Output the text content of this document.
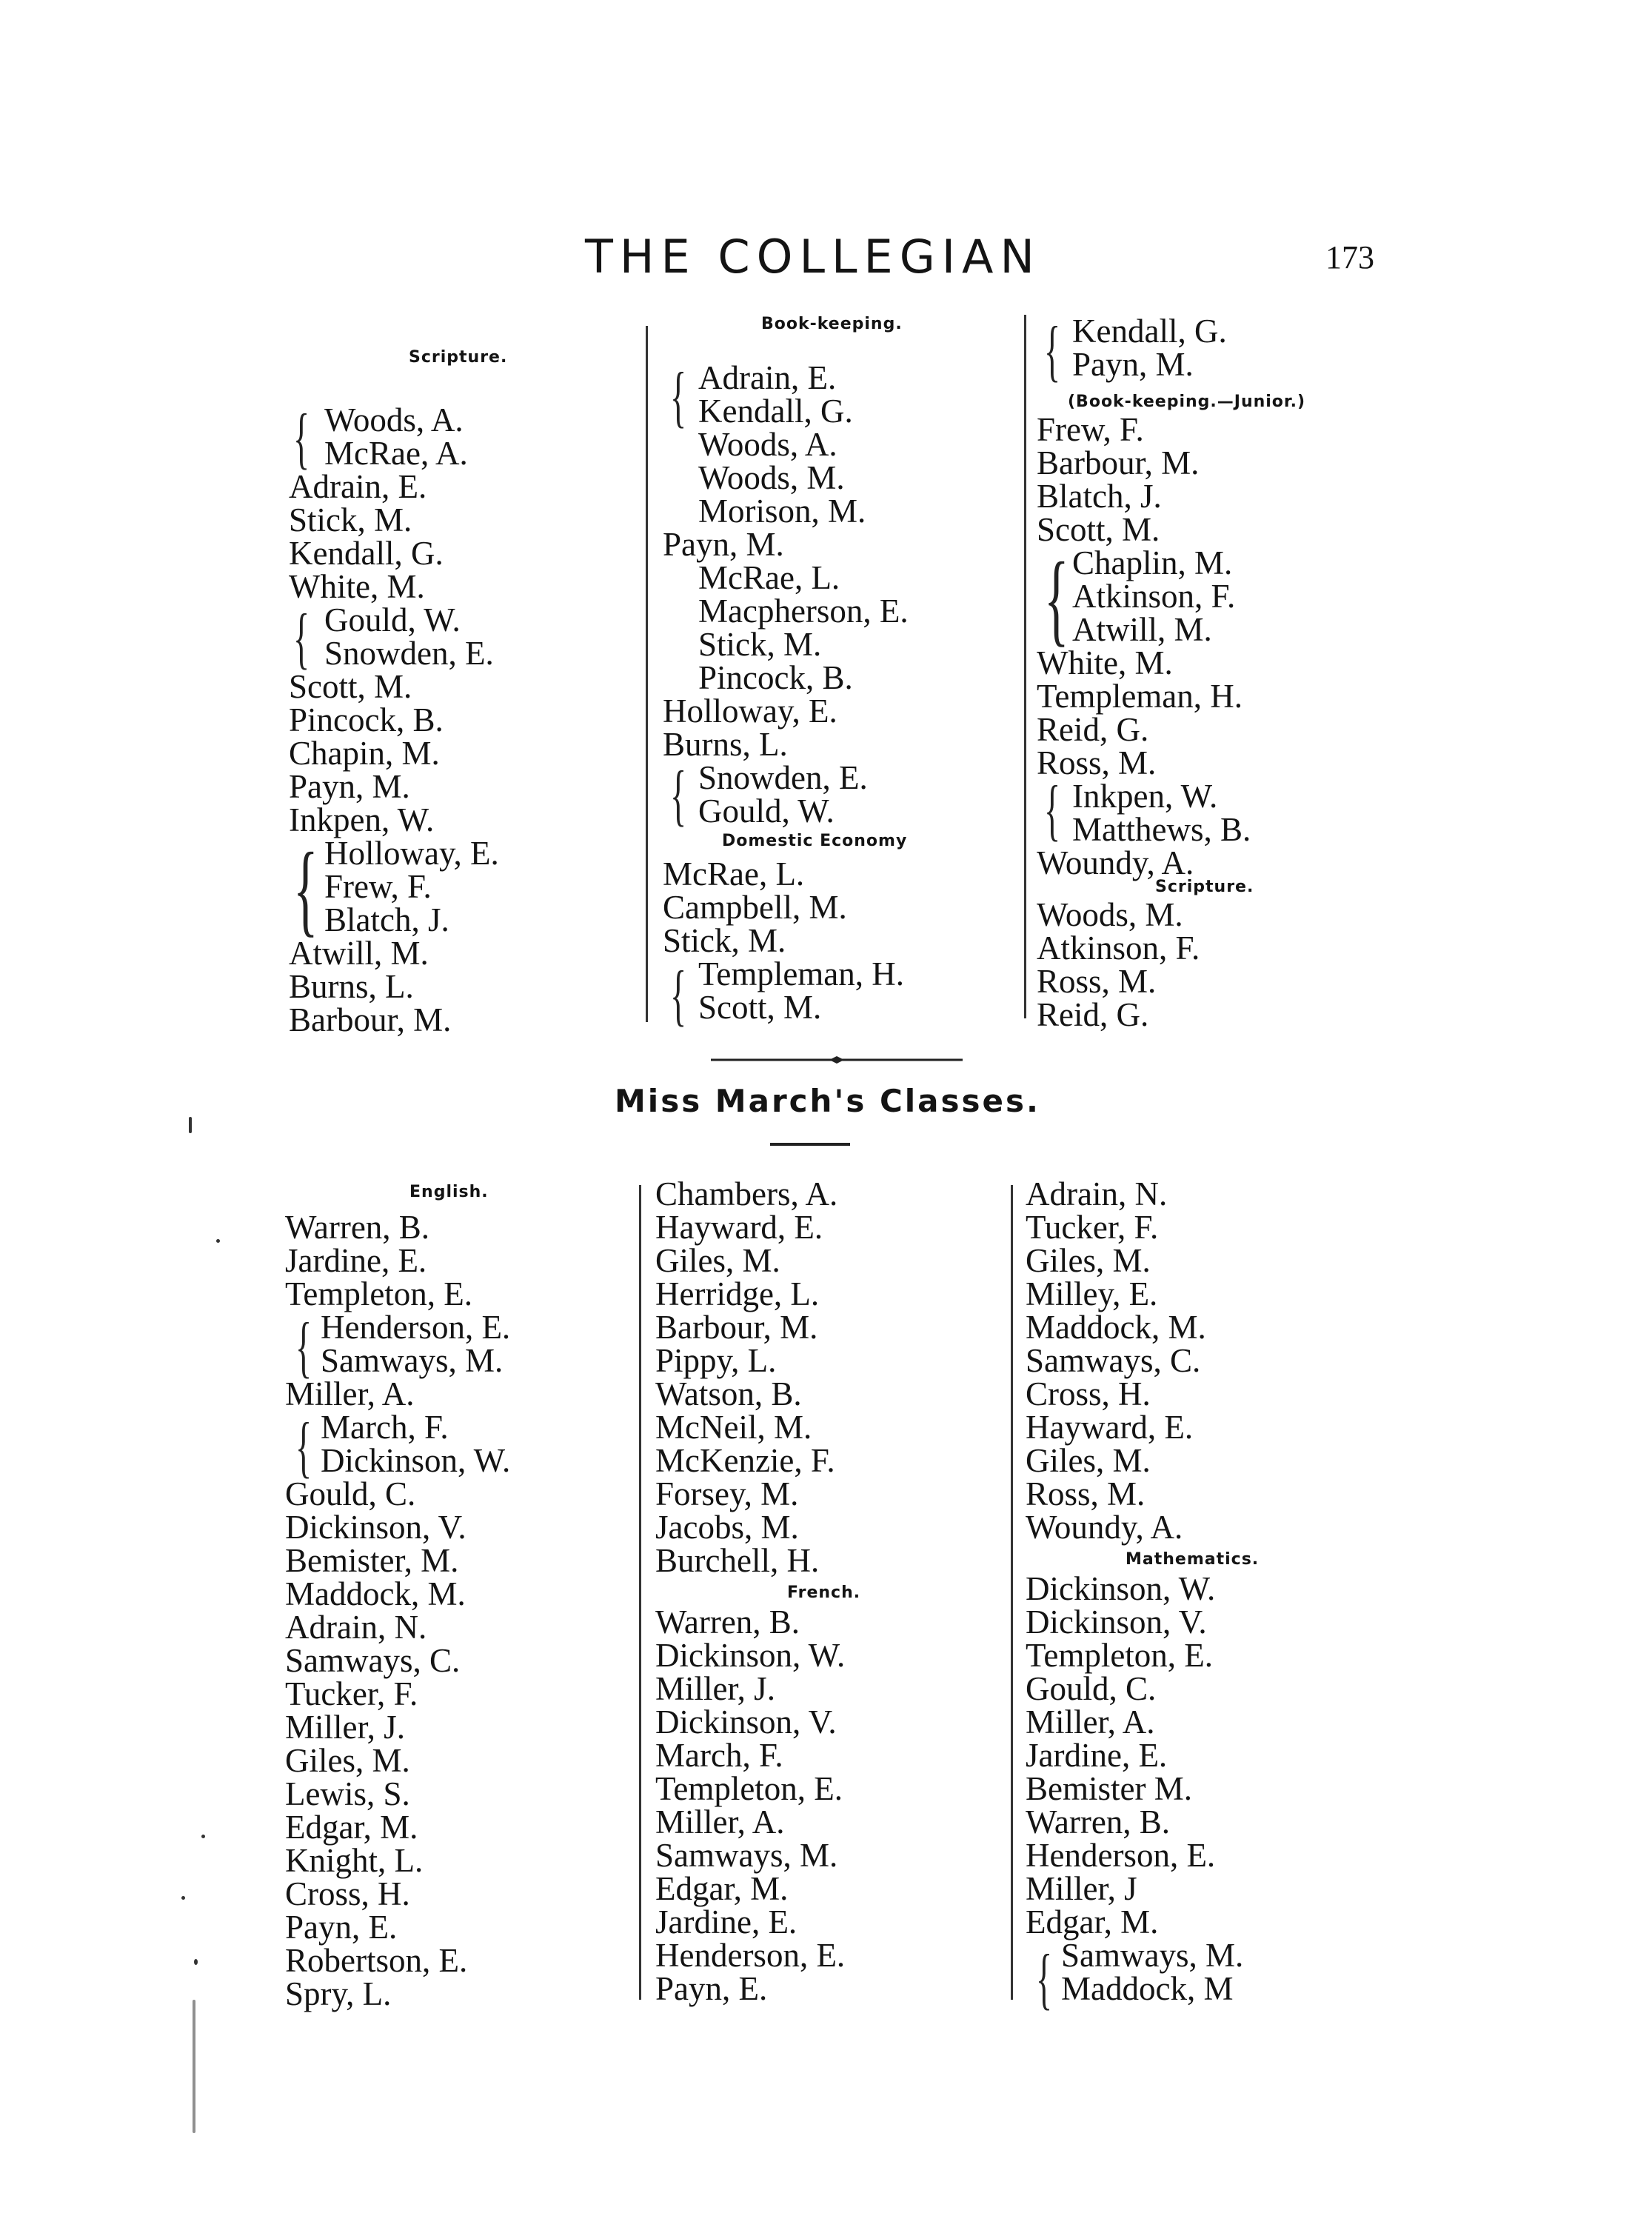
THE COLLEGIAN	173
Scripture.
Woods, A.
McRae, A.
Adrain, E.
Stick, M.
Kendall, G.
White, M.
Gould, W.
Snowden, E.
Scott, M.
Pincock, B.
Chapin, M.
Payn, M.
Inkpen, W.
Holloway, E.
Frew, F.
Blatch, J.
Atwill, M.
Burns, L.
Barbour, M.
{
{
{
Book-keeping.
Adrain, E.
Kendall, G.
Woods, A.
Woods, M.
Morison, M.
Payn, M.
McRae, L.
Macpherson, E.
Stick, M.
Pincock, B.
Holloway, E.
Burns, L.
Snowden, E.
Gould, W.
Domestic Economy
McRae, L.
Campbell, M.
Stick, M.
Templeman, H.
Scott, M.
{
{
{
Kendall, G.
Payn, M.
(Book-keeping.—Junior.)
Frew, F.
Barbour, M.
Blatch, J.
Scott, M.
Chaplin, M.
Atkinson, F.
Atwill, M.
White, M.
Templeman, H.
Reid, G.
Ross, M.
Inkpen, W.
Matthews, B.
Woundy, A.
Scripture.
Woods, M.
Atkinson, F.
Ross, M.
Reid, G.
{
{
{
Miss March's Classes.
English.
Warren, B.
Jardine, E.
Templeton, E.
Henderson, E.
Samways, M.
Miller, A.
March, F.
Dickinson, W.
Gould, C.
Dickinson, V.
Bemister, M.
Maddock, M.
Adrain, N.
Samways, C.
Tucker, F.
Miller, J.
Giles, M.
Lewis, S.
Edgar, M.
Knight, L.
Cross, H.
Payn, E.
Robertson, E.
Spry, L.
{
{
Chambers, A.
Hayward, E.
Giles, M.
Herridge, L.
Barbour, M.
Pippy, L.
Watson, B.
McNeil, M.
McKenzie, F.
Forsey, M.
Jacobs, M.
Burchell, H.
French.
Warren, B.
Dickinson, W.
Miller, J.
Dickinson, V.
March, F.
Templeton, E.
Miller, A.
Samways, M.
Edgar, M.
Jardine, E.
Henderson, E.
Payn, E.
Adrain, N.
Tucker, F.
Giles, M.
Milley, E.
Maddock, M.
Samways, C.
Cross, H.
Hayward, E.
Giles, M.
Ross, M.
Woundy, A.
Mathematics.
Dickinson, W.
Dickinson, V.
Templeton, E.
Gould, C.
Miller, A.
Jardine, E.
Bemister M.
Warren, B.
Henderson, E.
Miller, J
Edgar, M.
Samways, M.
Maddock, M
{
